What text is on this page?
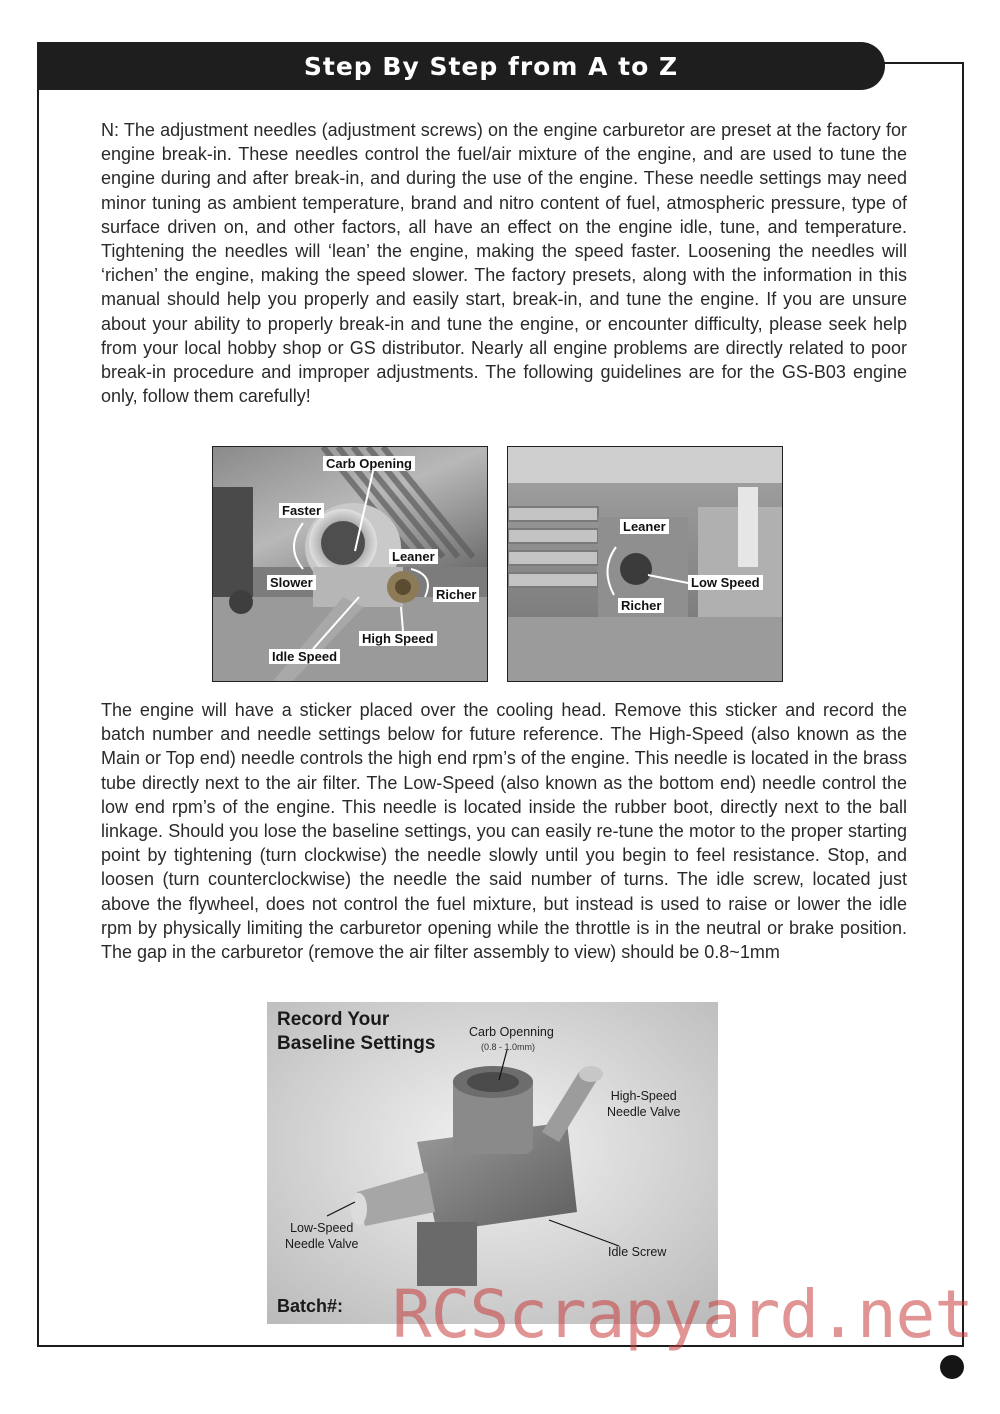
Step By Step from A to Z

N: The adjustment needles (adjustment screws) on the engine carburetor are preset at the factory for engine break-in. These needles control the fuel/air mixture of the engine, and are used to tune the engine during and after break-in, and during the use of the engine. These needle settings may need minor tuning as ambient temperature, brand and nitro content of fuel, atmospheric pressure, type of surface driven on, and other factors, all have an effect on the engine idle, tune, and temperature. Tightening the needles will ‘lean’ the engine, making the speed faster. Loosening the needles will ‘richen’ the engine, making the speed slower. The factory presets, along with the information in this manual should help you properly and easily start, break-in, and tune the engine. If you are unsure about your ability to properly break-in and tune the engine, or encounter difficulty, please seek help from your local hobby shop or GS distributor. Nearly all engine problems are directly related to poor break-in procedure and improper adjustments. The following guidelines are for the GS-B03 engine only, follow them carefully!

Carb Opening
Faster
Slower
Leaner
Richer
High Speed
Idle Speed
Leaner
Low Speed
Richer

The engine will have a sticker placed over the cooling head. Remove this sticker and record the batch number and needle settings below for future reference. The High-Speed (also known as the Main or Top end) needle controls the high end rpm’s of the engine. This needle is located in the brass tube directly next to the air filter. The Low-Speed (also known as the bottom end) needle control the low end rpm’s of the engine. This needle is located inside the rubber boot, directly next to the ball linkage. Should you lose the baseline settings, you can easily re-tune the motor to the proper starting point by tightening (turn clockwise) the needle slowly until you begin to feel resistance. Stop, and loosen (turn counterclockwise) the needle the said number of turns. The idle screw, located just above the flywheel, does not control the fuel mixture, but instead is used to raise or lower the idle rpm by physically limiting the carburetor opening while the throttle is in the neutral or brake position. The gap in the carburetor (remove the air filter assembly to view) should be 0.8~1mm

Record Your
Baseline Settings
Carb Openning
(0.8 - 1.0mm)
High-Speed
Needle Valve
Low-Speed
Needle Valve
Idle Screw
Batch#: RCScrapyard.net
